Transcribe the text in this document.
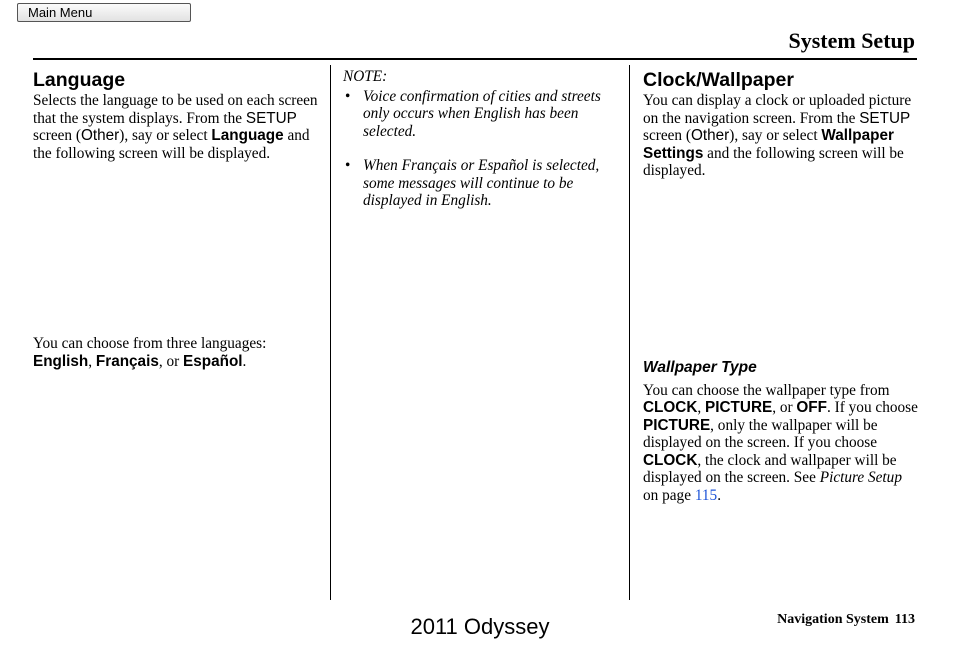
Main Menu
System Setup
Language

Selects the language to be used on each screen that the system displays. From the SETUP screen (Other), say or select Language and the following screen will be displayed.

You can choose from three languages: English, Français, or Español.

NOTE:

• Voice confirmation of cities and streets only occurs when English has been selected.
• When Français or Español is selected, some messages will continue to be displayed in English.
Clock/Wallpaper

You can display a clock or uploaded picture on the navigation screen. From the SETUP screen (Other), say or select Wallpaper Settings and the following screen will be displayed.

Wallpaper Type

You can choose the wallpaper type from CLOCK, PICTURE, or OFF. If you choose PICTURE, only the wallpaper will be displayed on the screen. If you choose CLOCK, the clock and wallpaper will be displayed on the screen. See Picture Setup on page 115.

Navigation System 113
2011 Odyssey
